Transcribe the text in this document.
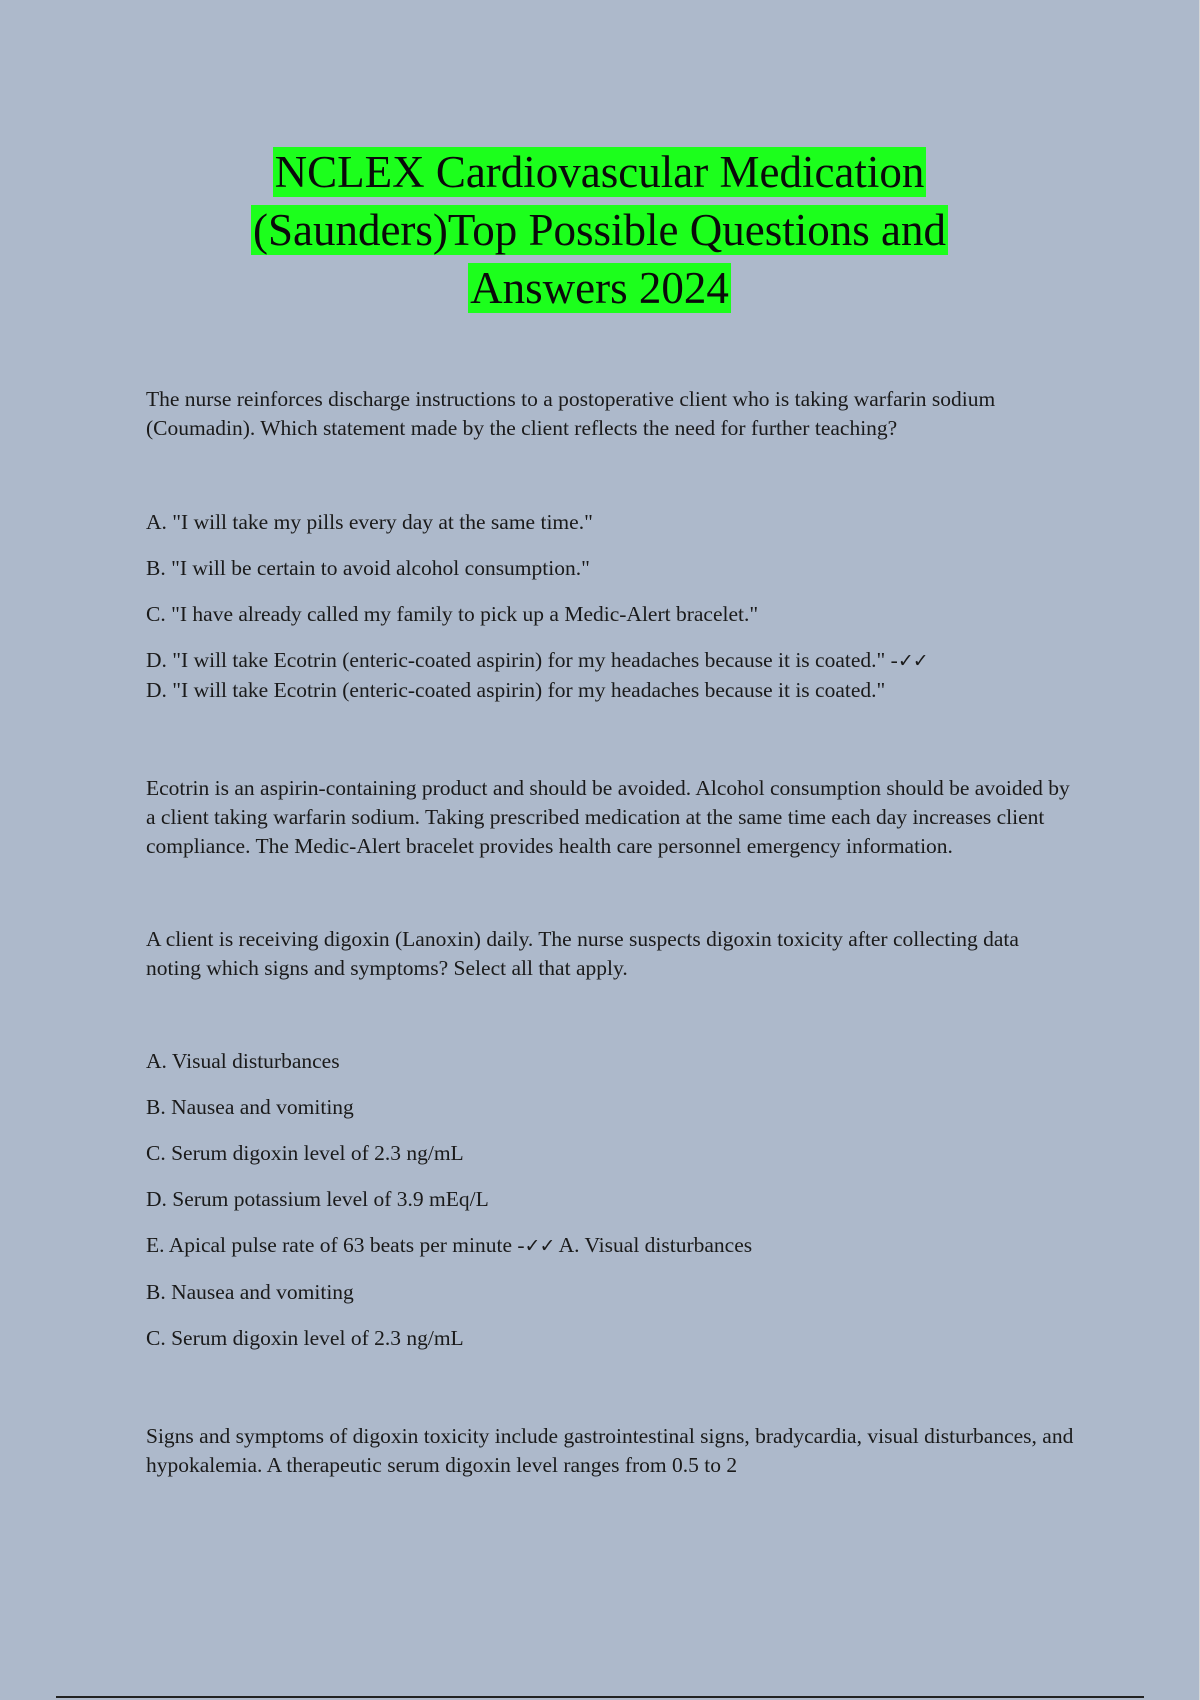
NCLEX Cardiovascular Medication
(Saunders)Top Possible Questions and
Answers 2024

The nurse reinforces discharge instructions to a postoperative client who is taking warfarin sodium (Coumadin). Which statement made by the client reflects the need for further teaching?

A. "I will take my pills every day at the same time."

B. "I will be certain to avoid alcohol consumption."

C. "I have already called my family to pick up a Medic-Alert bracelet."

D. "I will take Ecotrin (enteric-coated aspirin) for my headaches because it is coated." -✓✓

D. "I will take Ecotrin (enteric-coated aspirin) for my headaches because it is coated."

Ecotrin is an aspirin-containing product and should be avoided. Alcohol consumption should be avoided by a client taking warfarin sodium. Taking prescribed medication at the same time each day increases client compliance. The Medic-Alert bracelet provides health care personnel emergency information.

A client is receiving digoxin (Lanoxin) daily. The nurse suspects digoxin toxicity after collecting data noting which signs and symptoms? Select all that apply.

A. Visual disturbances

B. Nausea and vomiting

C. Serum digoxin level of 2.3 ng/mL

D. Serum potassium level of 3.9 mEq/L

E. Apical pulse rate of 63 beats per minute -✓✓ A. Visual disturbances

B. Nausea and vomiting

C. Serum digoxin level of 2.3 ng/mL

Signs and symptoms of digoxin toxicity include gastrointestinal signs, bradycardia, visual disturbances, and hypokalemia. A therapeutic serum digoxin level ranges from 0.5 to 2
